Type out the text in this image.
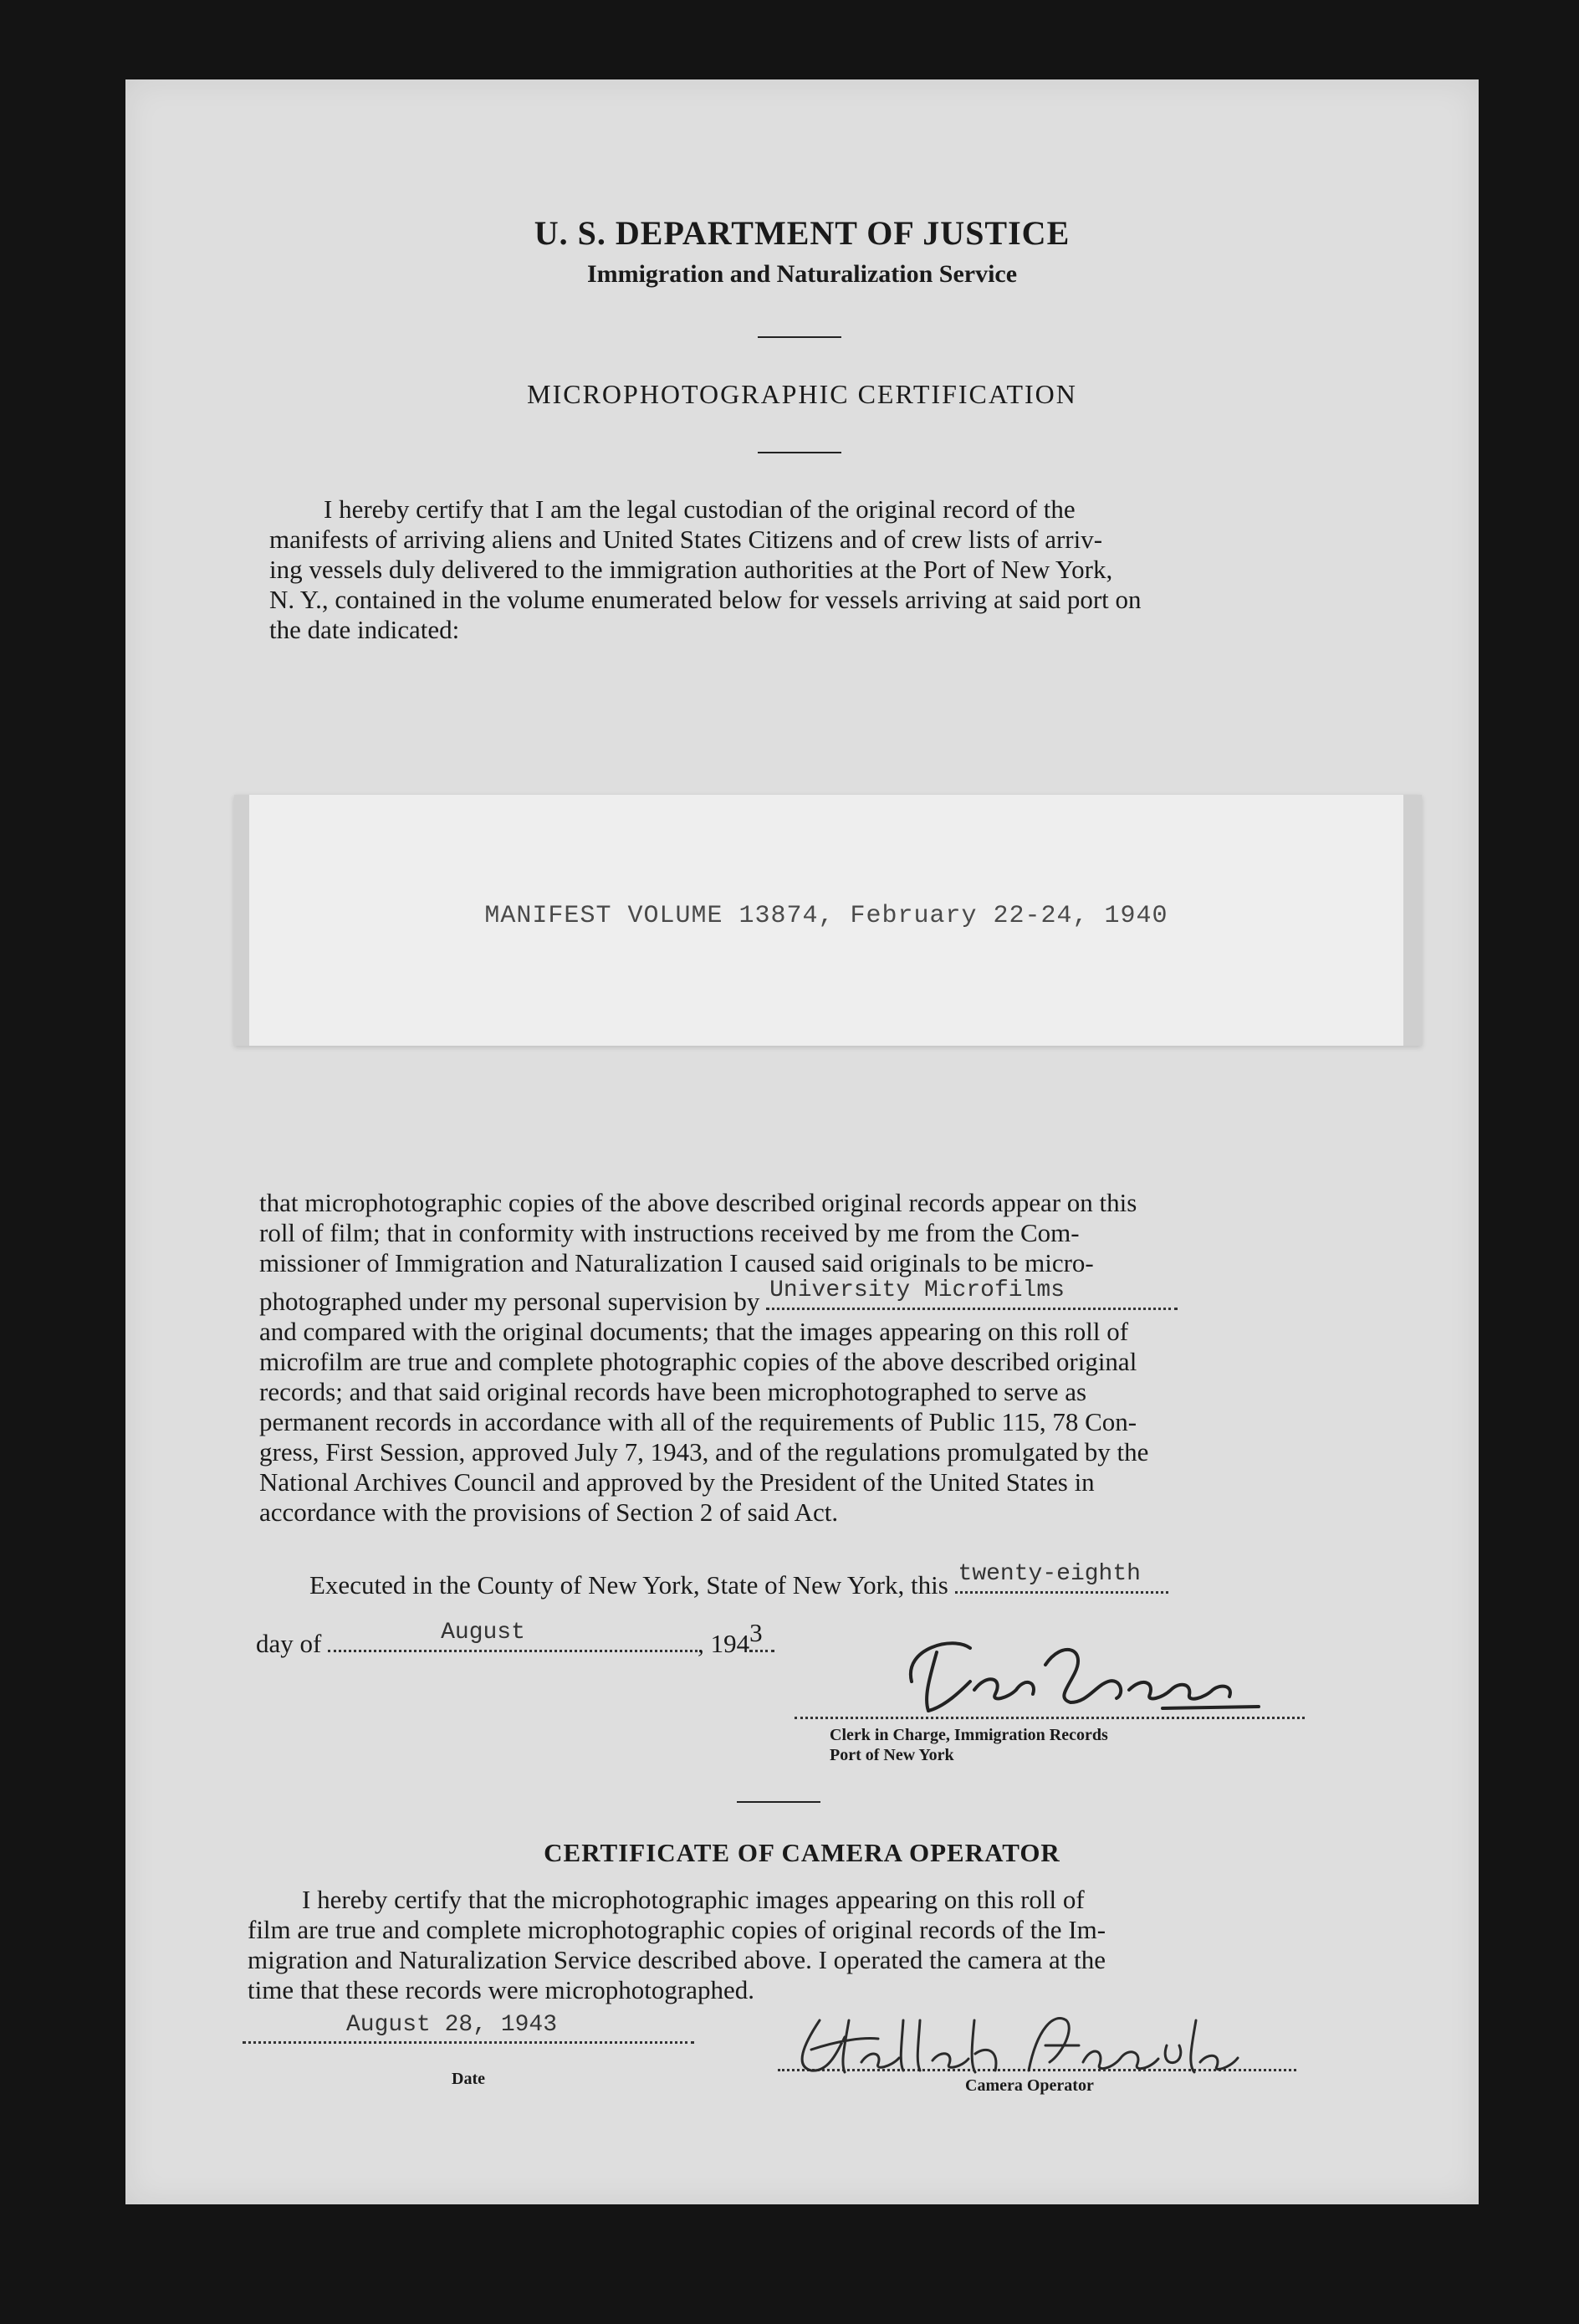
U. S. DEPARTMENT OF JUSTICE
Immigration and Naturalization Service
MICROPHOTOGRAPHIC CERTIFICATION
I hereby certify that I am the legal custodian of the original record of the
manifests of arriving aliens and United States Citizens and of crew lists of arriv-
ing vessels duly delivered to the immigration authorities at the Port of New York,
N. Y., contained in the volume enumerated below for vessels arriving at said port on
the date indicated:
MANIFEST VOLUME 13874, February 22-24, 1940
that microphotographic copies of the above described original records appear on this
roll of film; that in conformity with instructions received by me from the Com-
missioner of Immigration and Naturalization I caused said originals to be micro-
photographed under my personal supervision by University Microfilms
and compared with the original documents; that the images appearing on this roll of
microfilm are true and complete photographic copies of the above described original
records; and that said original records have been microphotographed to serve as
permanent records in accordance with all of the requirements of Public 115, 78 Con-
gress, First Session, approved July 7, 1943, and of the regulations promulgated by the
National Archives Council and approved by the President of the United States in
accordance with the provisions of Section 2 of said Act.
Executed in the County of New York, State of New York, this twenty-eighth
day of	August	, 194 3
Clerk in Charge, Immigration Records
Port of New York
CERTIFICATE OF CAMERA OPERATOR
I hereby certify that the microphotographic images appearing on this roll of
film are true and complete microphotographic copies of original records of the Im-
migration and Naturalization Service described above. I operated the camera at the
time that these records were microphotographed.
August 28, 1943
Date	Camera Operator
